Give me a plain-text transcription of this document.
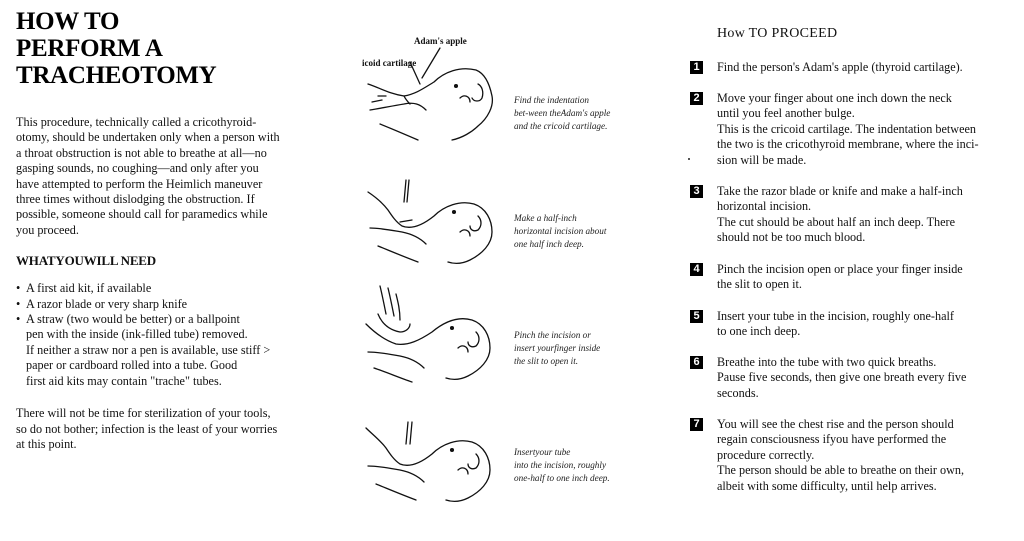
HOW TO
PERFORM A
TRACHEOTOMY
This procedure, technically called a cricothyroid-
otomy, should be undertaken only when a person with
a throat obstruction is not able to breathe at all—no
gasping sounds, no coughing—and only after you
have attempted to perform the Heimlich maneuver
three times without dislodging the obstruction. If
possible, someone should call for paramedics while
you proceed.
WHATYOUWILL NEED
• A first aid kit, if available
• A razor blade or very sharp knife
• A straw (two would be better) or a ballpoint
pen with the inside (ink-filled tube) removed.
If neither a straw nor a pen is available, use stiff >
paper or cardboard rolled into a tube. Good
first aid kits may contain "trache" tubes.
There will not be time for sterilization of your tools,
so do not bother; infection is the least of your worries
at this point.
Adam's apple
icoid cartilage
Find the indentation
bet-ween theAdam's apple
and the cricoid cartilage.
Make a half-inch
horizontal incision about
one half inch deep.
Pinch the incision or
insert yourfinger inside
the slit to open it.
Insertyour tube
into the incision, roughly
one-half to one inch deep.
How TO PROCEED
1 Find the person's Adam's apple (thyroid cartilage).
2 Move your finger about one inch down the neck
until you feel another bulge.
This is the cricoid cartilage. The indentation between
the two is the cricothyroid membrane, where the inci-
sion will be made.
3 Take the razor blade or knife and make a half-inch
horizontal incision.
The cut should be about half an inch deep. There
should not be too much blood.
4 Pinch the incision open or place your finger inside
the slit to open it.
5 Insert your tube in the incision, roughly one-half
to one inch deep.
6 Breathe into the tube with two quick breaths.
Pause five seconds, then give one breath every five
seconds.
7 You will see the chest rise and the person should
regain consciousness ifyou have performed the
procedure correctly.
The person should be able to breathe on their own,
albeit with some difficulty, until help arrives.
